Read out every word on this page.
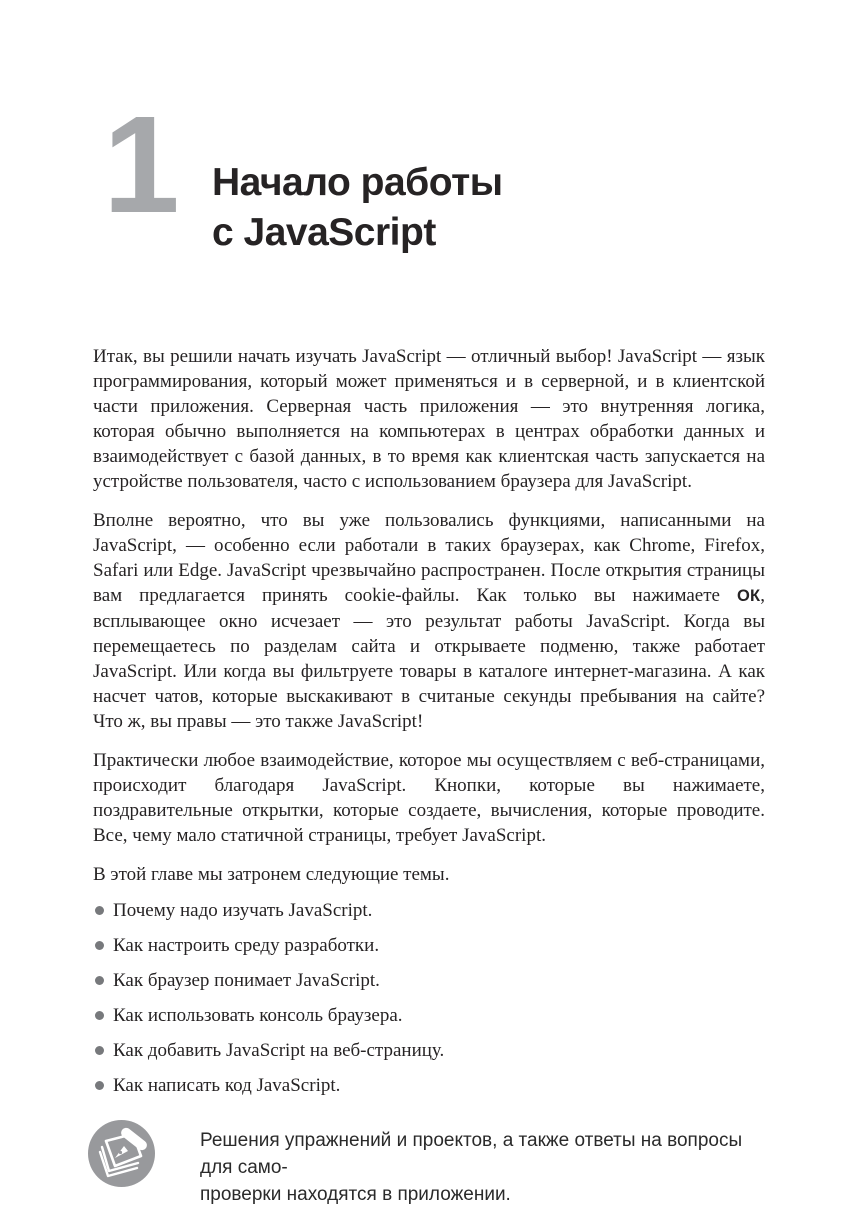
1 Начало работы
с JavaScript

Итак, вы решили начать изучать JavaScript — отличный выбор! JavaScript — язык программирования, который может применяться и в серверной, и в клиентской части приложения. Серверная часть приложения — это внутренняя логика, которая обычно выполняется на компьютерах в центрах обработки данных и взаимодействует с базой данных, в то время как клиентская часть запускается на устройстве пользователя, часто с использованием браузера для JavaScript.

Вполне вероятно, что вы уже пользовались функциями, написанными на JavaScript, — особенно если работали в таких браузерах, как Chrome, Firefox, Safari или Edge. JavaScript чрезвычайно распространен. После открытия страницы вам предлагается принять cookie-файлы. Как только вы нажимаете ОК, всплывающее окно исчезает — это результат работы JavaScript. Когда вы перемещаетесь по разделам сайта и открываете подменю, также работает JavaScript. Или когда вы фильтруете товары в каталоге интернет-магазина. А как насчет чатов, которые выскакивают в считаные секунды пребывания на сайте? Что ж, вы правы — это также JavaScript!

Практически любое взаимодействие, которое мы осуществляем с веб-страницами, происходит благодаря JavaScript. Кнопки, которые вы нажимаете, поздравительные открытки, которые создаете, вычисления, которые проводите. Все, чему мало статичной страницы, требует JavaScript.

В этой главе мы затронем следующие темы.

Почему надо изучать JavaScript.
Как настроить среду разработки.
Как браузер понимает JavaScript.
Как использовать консоль браузера.
Как добавить JavaScript на веб-страницу.
Как написать код JavaScript.
Решения упражнений и проектов, а также ответы на вопросы для само-
проверки находятся в приложении.
